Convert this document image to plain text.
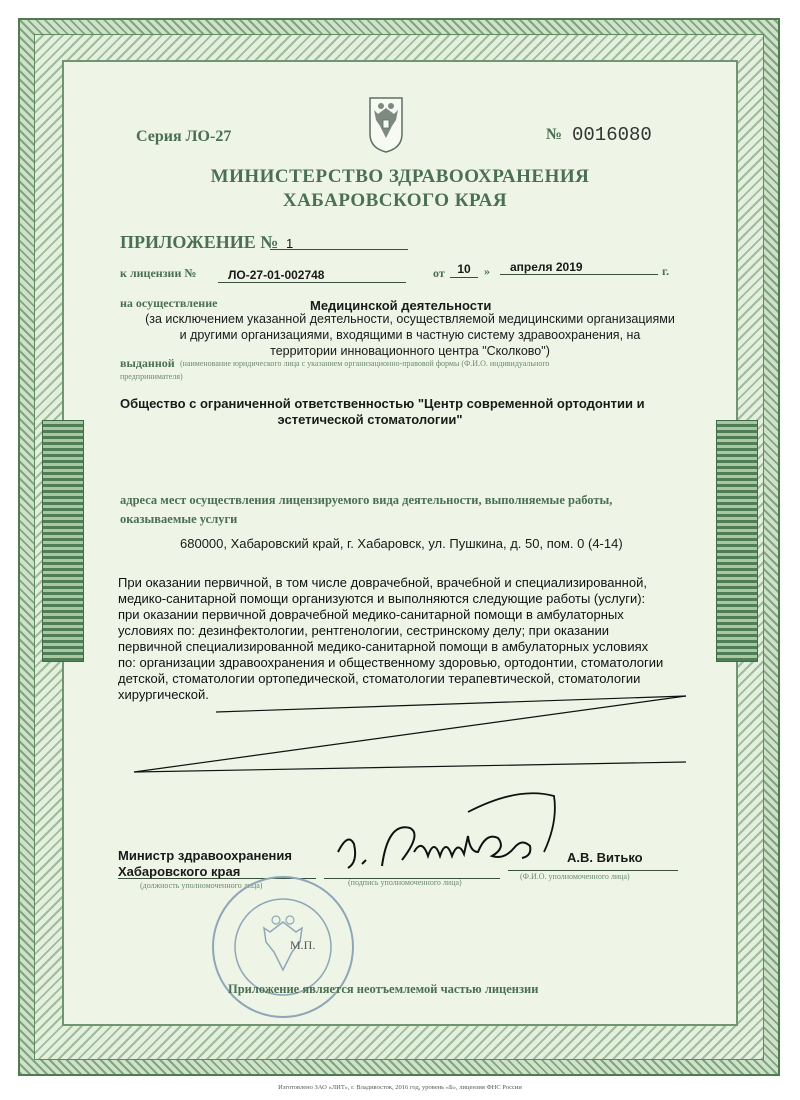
Серия ЛО-27	№ 0016080
МИНИСТЕРСТВО ЗДРАВООХРАНЕНИЯ
ХАБАРОВСКОГО КРАЯ
ПРИЛОЖЕНИЕ № 1
к лицензии №	ЛО-27-01-002748	от	10	»	апреля 2019	г.
на осуществление	Медицинской деятельности
(за исключением указанной деятельности, осуществляемой медицинскими организациями
и другими организациями, входящими в частную систему здравоохранения, на
территории инновационного центра "Сколково")
выданной (наименование юридического лица с указанием организационно-правовой формы (Ф.И.О. индивидуального
предпринимателя)
Общество с ограниченной ответственностью "Центр современной ортодонтии и
эстетической стоматологии"
адреса мест осуществления лицензируемого вида деятельности, выполняемые работы,
оказываемые услуги
680000, Хабаровский край, г. Хабаровск, ул. Пушкина, д. 50, пом. 0 (4-14)
При оказании первичной, в том числе доврачебной, врачебной и специализированной,
медико-санитарной помощи организуются и выполняются следующие работы (услуги):
при оказании первичной доврачебной медико-санитарной помощи в амбулаторных
условиях по: дезинфектологии, рентгенологии, сестринскому делу; при оказании
первичной специализированной медико-санитарной помощи в амбулаторных условиях
по: организации здравоохранения и общественному здоровью, ортодонтии, стоматологии
детской, стоматологии ортопедической, стоматологии терапевтической, стоматологии
хирургической.
Министр здравоохранения
Хабаровского края
(должность уполномоченного лица)	(подпись уполномоченного лица)
А.В. Витько
(Ф.И.О. уполномоченного лица)
М.П.
Приложение является неотъемлемой частью лицензии
Изготовлено ЗАО «ЛИТ», г. Владивосток, 2016 год, уровень «Б», лицензия ФНС России
